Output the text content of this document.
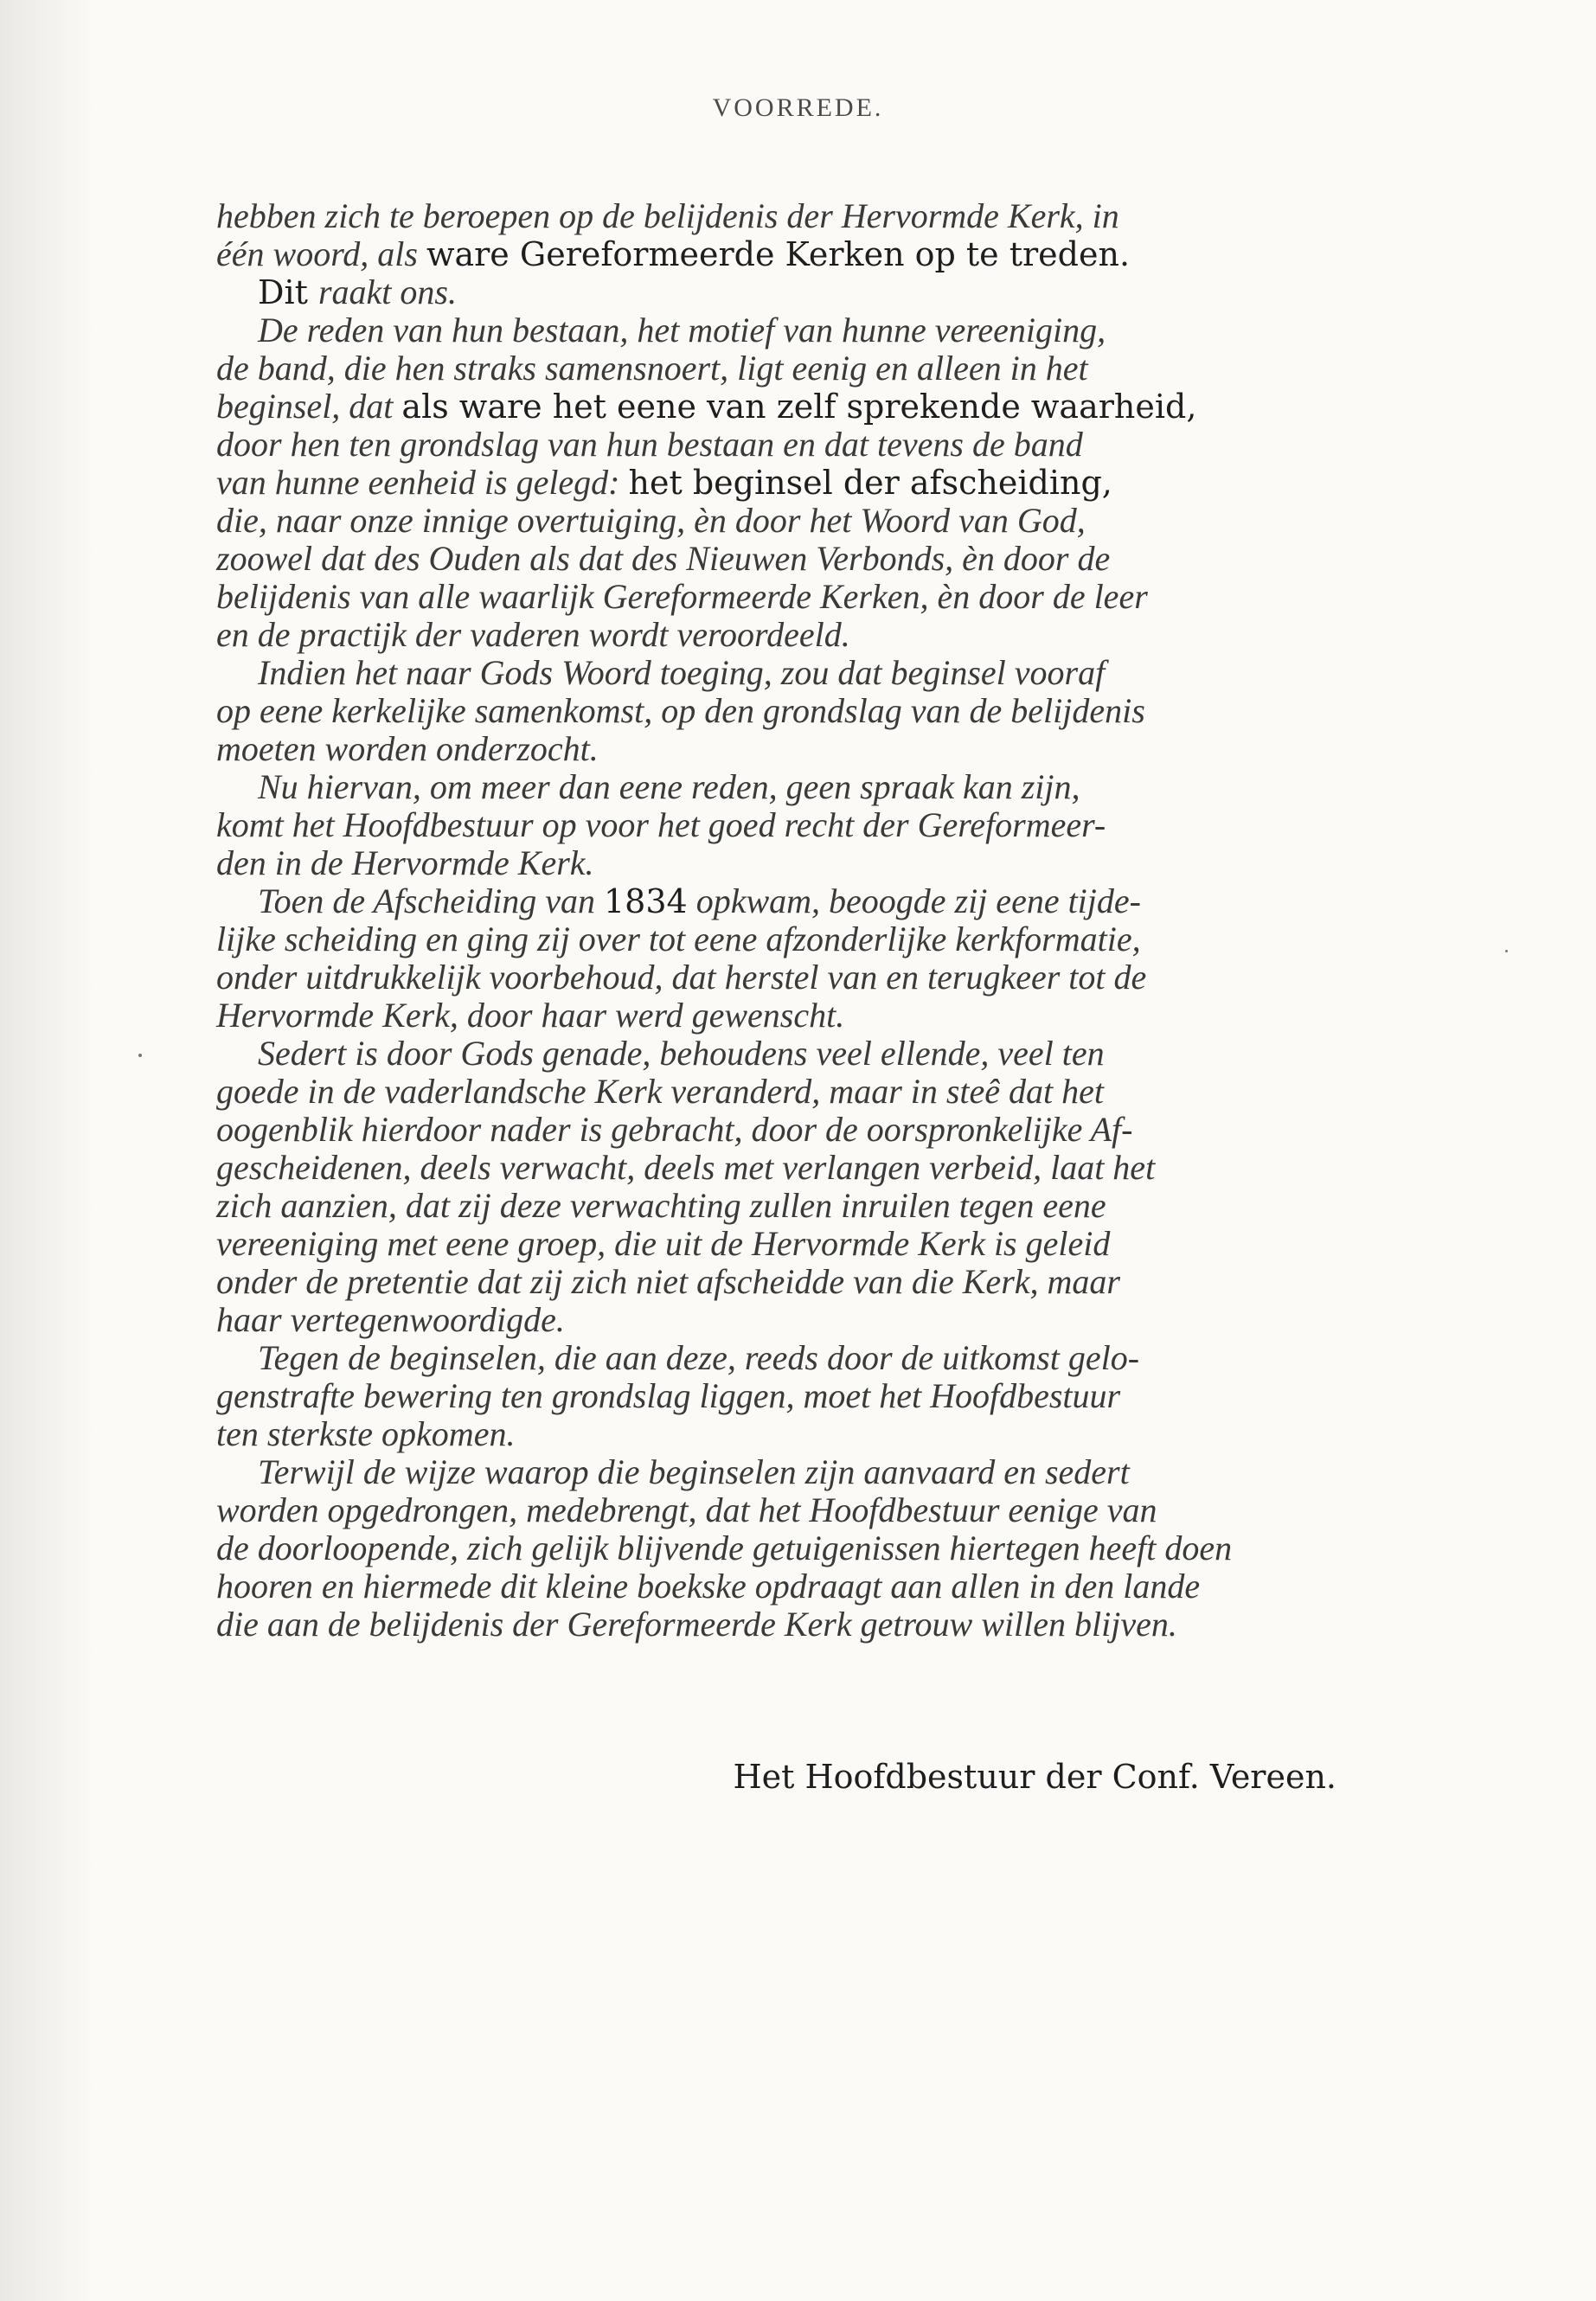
VOORREDE.
hebben zich te beroepen op de belijdenis der Hervormde Kerk, in
één woord, als ware Gereformeerde Kerken op te treden.
Dit raakt ons.
De reden van hun bestaan, het motief van hunne vereeniging,
de band, die hen straks samensnoert, ligt eenig en alleen in het
beginsel, dat als ware het eene van zelf sprekende waarheid,
door hen ten grondslag van hun bestaan en dat tevens de band
van hunne eenheid is gelegd: het beginsel der afscheiding,
die, naar onze innige overtuiging, èn door het Woord van God,
zoowel dat des Ouden als dat des Nieuwen Verbonds, èn door de
belijdenis van alle waarlijk Gereformeerde Kerken, èn door de leer
en de practijk der vaderen wordt veroordeeld.
Indien het naar Gods Woord toeging, zou dat beginsel vooraf
op eene kerkelijke samenkomst, op den grondslag van de belijdenis
moeten worden onderzocht.
Nu hiervan, om meer dan eene reden, geen spraak kan zijn,
komt het Hoofdbestuur op voor het goed recht der Gereformeer-
den in de Hervormde Kerk.
Toen de Afscheiding van 1834 opkwam, beoogde zij eene tijde-
lijke scheiding en ging zij over tot eene afzonderlijke kerkformatie,
onder uitdrukkelijk voorbehoud, dat herstel van en terugkeer tot de
Hervormde Kerk, door haar werd gewenscht.
Sedert is door Gods genade, behoudens veel ellende, veel ten
goede in de vaderlandsche Kerk veranderd, maar in steê dat het
oogenblik hierdoor nader is gebracht, door de oorspronkelijke Af-
gescheidenen, deels verwacht, deels met verlangen verbeid, laat het
zich aanzien, dat zij deze verwachting zullen inruilen tegen eene
vereeniging met eene groep, die uit de Hervormde Kerk is geleid
onder de pretentie dat zij zich niet afscheidde van die Kerk, maar
haar vertegenwoordigde.
Tegen de beginselen, die aan deze, reeds door de uitkomst gelo-
genstrafte bewering ten grondslag liggen, moet het Hoofdbestuur
ten sterkste opkomen.
Terwijl de wijze waarop die beginselen zijn aanvaard en sedert
worden opgedrongen, medebrengt, dat het Hoofdbestuur eenige van
de doorloopende, zich gelijk blijvende getuigenissen hiertegen heeft doen
hooren en hiermede dit kleine boekske opdraagt aan allen in den lande
die aan de belijdenis der Gereformeerde Kerk getrouw willen blijven.
Het Hoofdbestuur der Conf. Vereen.
